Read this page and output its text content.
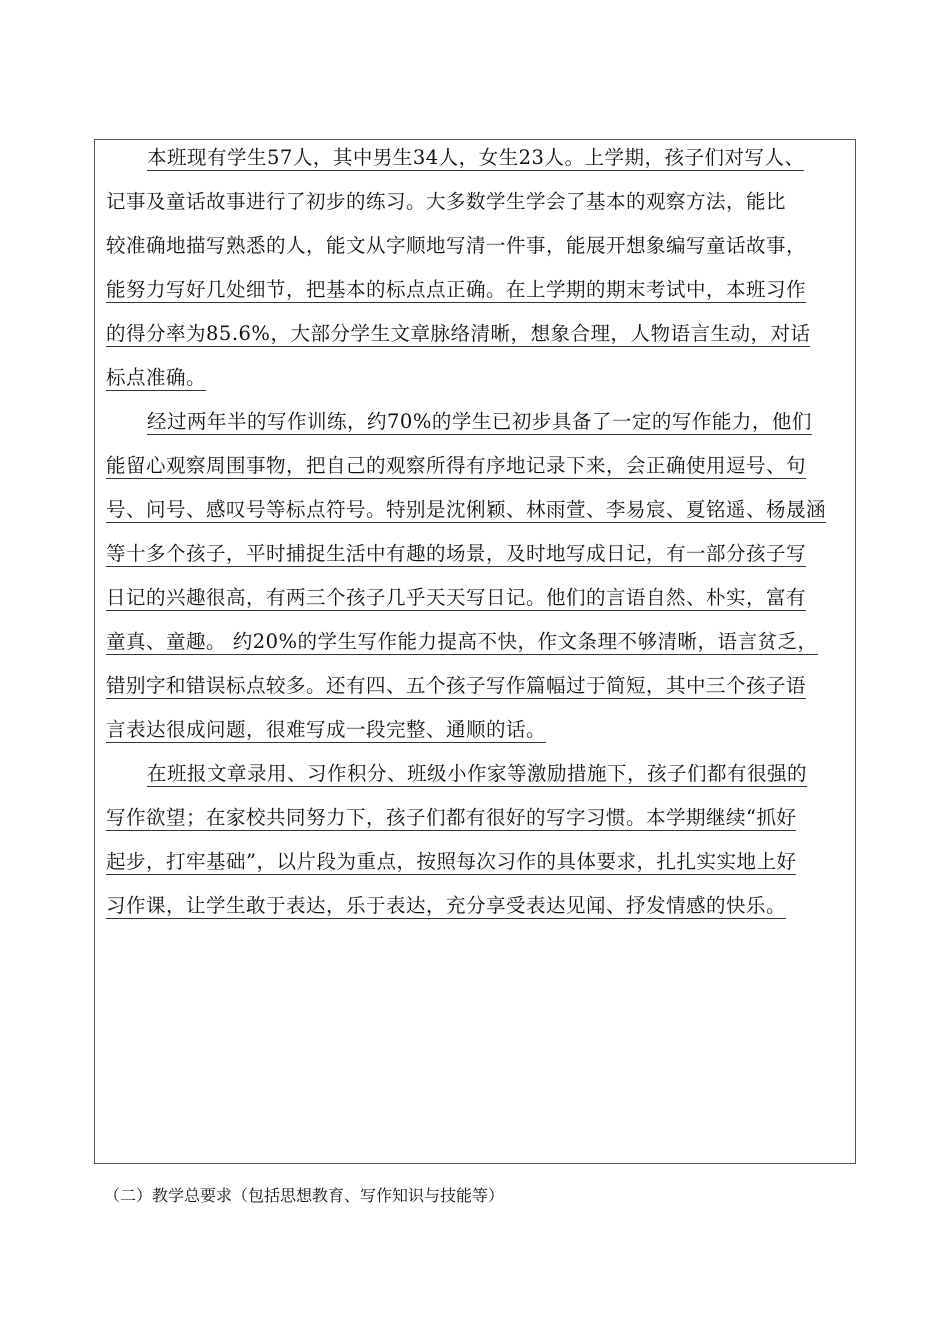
本班现有学生57人，其中男生34人，女生23人。上学期，孩子们对写人、
记事及童话故事进行了初步的练习。大多数学生学会了基本的观察方法，能比
较准确地描写熟悉的人，能文从字顺地写清一件事，能展开想象编写童话故事，
能努力写好几处细节，把基本的标点点正确。在上学期的期末考试中，本班习作
的得分率为85.6%，大部分学生文章脉络清晰，想象合理，人物语言生动，对话
标点准确。
经过两年半的写作训练，约70%的学生已初步具备了一定的写作能力，他们
能留心观察周围事物，把自己的观察所得有序地记录下来，会正确使用逗号、句
号、问号、感叹号等标点符号。特别是沈俐颖、林雨萱、李易宸、夏铭遥、杨晟涵
等十多个孩子，平时捕捉生活中有趣的场景，及时地写成日记，有一部分孩子写
日记的兴趣很高，有两三个孩子几乎天天写日记。他们的言语自然、朴实，富有
童真、童趣。 约20%的学生写作能力提高不快，作文条理不够清晰，语言贫乏，
错别字和错误标点较多。还有四、五个孩子写作篇幅过于简短，其中三个孩子语
言表达很成问题，很难写成一段完整、通顺的话。
在班报文章录用、习作积分、班级小作家等激励措施下，孩子们都有很强的
写作欲望；在家校共同努力下，孩子们都有很好的写字习惯。本学期继续“抓好
起步，打牢基础”，以片段为重点，按照每次习作的具体要求，扎扎实实地上好
习作课，让学生敢于表达，乐于表达，充分享受表达见闻、抒发情感的快乐。
（二）教学总要求（包括思想教育、写作知识与技能等）
